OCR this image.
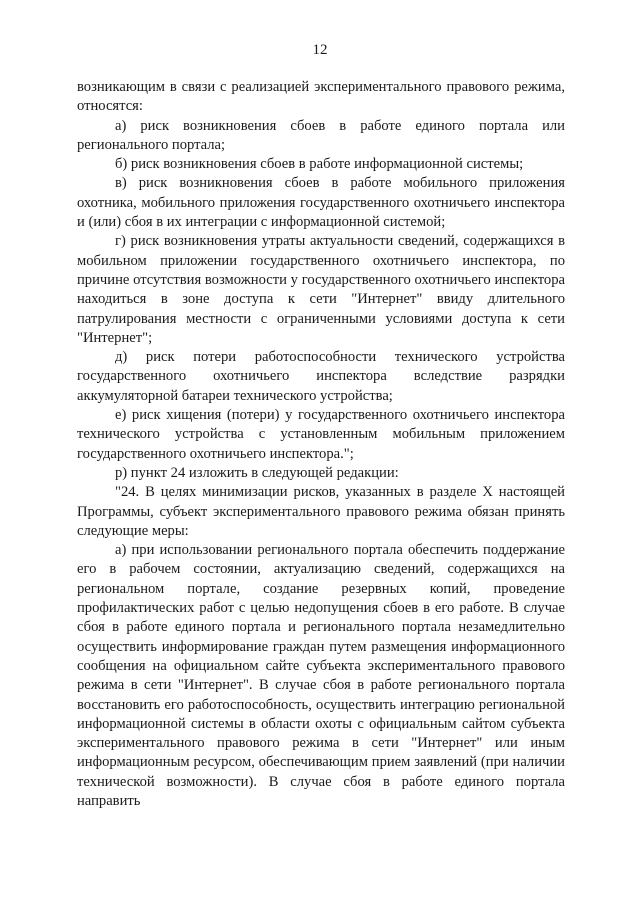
12

возникающим в связи с реализацией экспериментального правового режима, относятся:

а) риск возникновения сбоев в работе единого портала или регионального портала;

б) риск возникновения сбоев в работе информационной системы;

в) риск возникновения сбоев в работе мобильного приложения охотника, мобильного приложения государственного охотничьего инспектора и (или) сбоя в их интеграции с информационной системой;

г) риск возникновения утраты актуальности сведений, содержащихся в мобильном приложении государственного охотничьего инспектора, по причине отсутствия возможности у государственного охотничьего инспектора находиться в зоне доступа к сети "Интернет" ввиду длительного патрулирования местности с ограниченными условиями доступа к сети "Интернет";

д) риск потери работоспособности технического устройства государственного охотничьего инспектора вследствие разрядки аккумуляторной батареи технического устройства;

е) риск хищения (потери) у государственного охотничьего инспектора технического устройства с установленным мобильным приложением государственного охотничьего инспектора.";

р) пункт 24 изложить в следующей редакции:

"24. В целях минимизации рисков, указанных в разделе X настоящей Программы, субъект экспериментального правового режима обязан принять следующие меры:

а) при использовании регионального портала обеспечить поддержание его в рабочем состоянии, актуализацию сведений, содержащихся на региональном портале, создание резервных копий, проведение профилактических работ с целью недопущения сбоев в его работе. В случае сбоя в работе единого портала и регионального портала незамедлительно осуществить информирование граждан путем размещения информационного сообщения на официальном сайте субъекта экспериментального правового режима в сети "Интернет". В случае сбоя в работе регионального портала восстановить его работоспособность, осуществить интеграцию региональной информационной системы в области охоты с официальным сайтом субъекта экспериментального правового режима в сети "Интернет" или иным информационным ресурсом, обеспечивающим прием заявлений (при наличии технической возможности). В случае сбоя в работе единого портала направить
